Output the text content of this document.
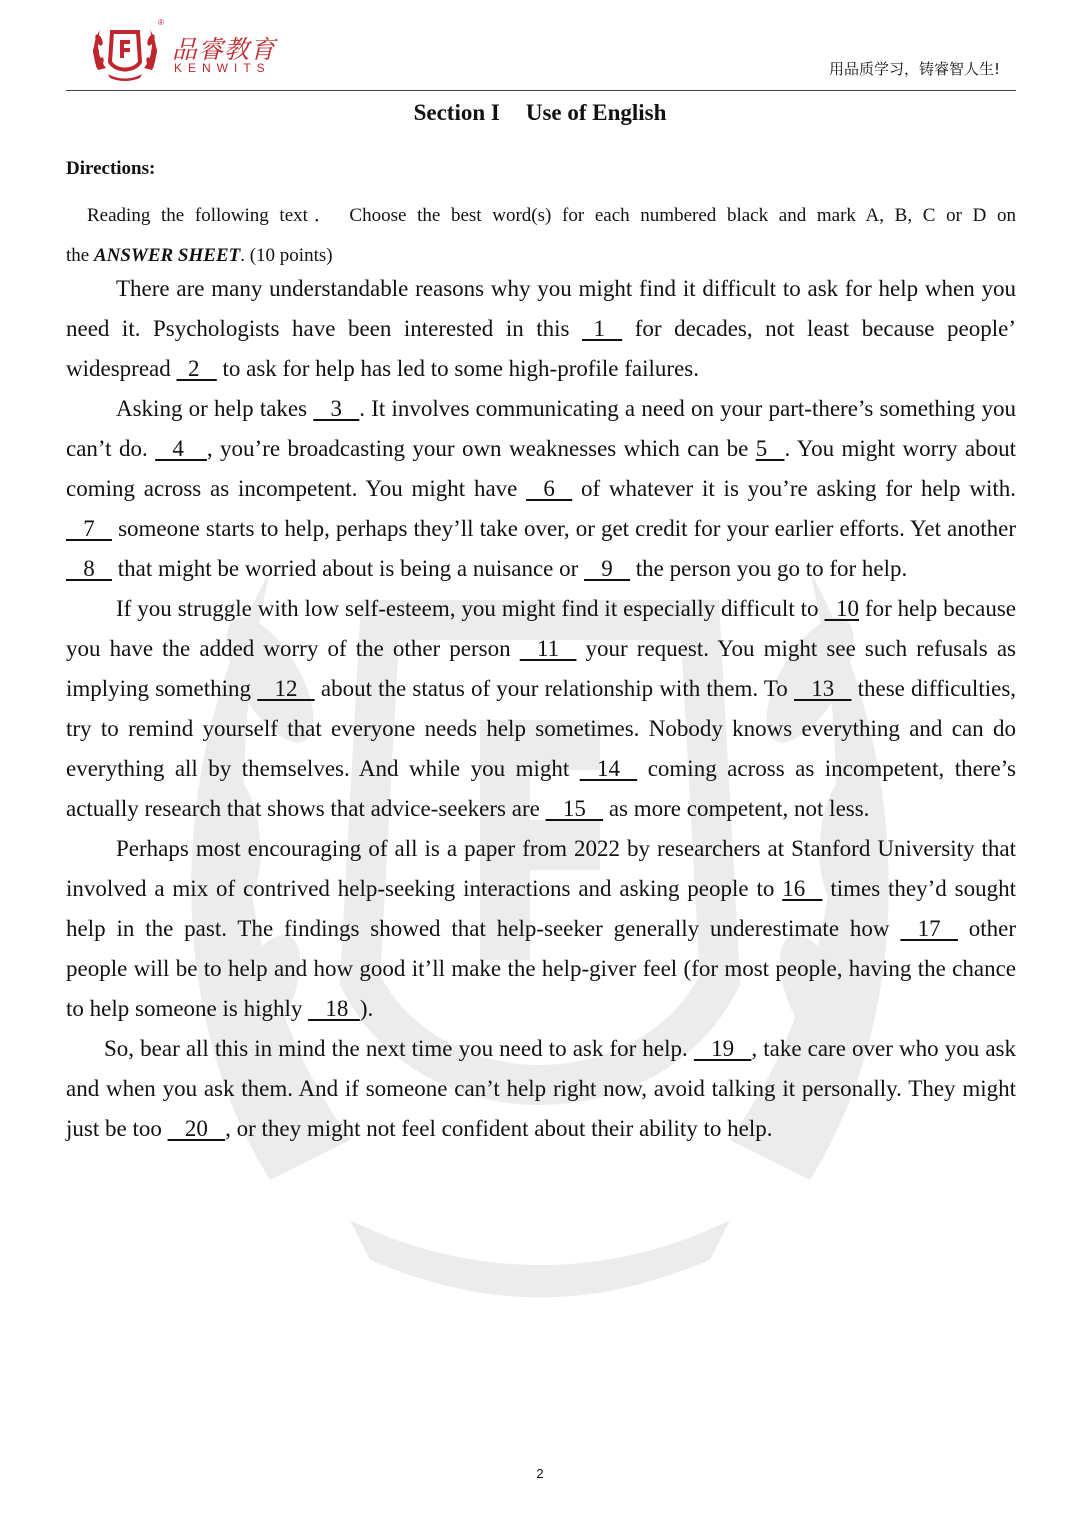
®
品睿教育
KENWITS	用品质学习，铸睿智人生!
Section I Use of English
Directions:
Reading the following text． Choose the best word(s) for each numbered black and mark A, B, C or D on
the ANSWER SHEET. (10 points)

There are many understandable reasons why you might find it difficult to ask for help when you need it. Psychologists have been interested in this   1    for decades, not least because people’ widespread   2    to ask for help has led to some high-profile failures.

Asking or help takes    3   . It involves communicating a need on your part-there’s something you can’t do.    4    , you’re broadcasting your own weaknesses which can be 5   . You might worry about coming across as incompetent. You might have    6    of whatever it is you’re asking for help with.    7    someone starts to help, perhaps they’ll take over, or get credit for your earlier efforts. Yet another    8    that might be worried about is being a nuisance or    9    the person you go to for help.

If you struggle with low self-esteem, you might find it especially difficult to   10 for help because you have the added worry of the other person    11    your request. You might see such refusals as implying something    12    about the status of your relationship with them. To    13    these difficulties, try to remind yourself that everyone needs help sometimes. Nobody knows everything and can do everything all by themselves. And while you might    14    coming across as incompetent, there’s actually research that shows that advice-seekers are    15    as more competent, not less.

Perhaps most encouraging of all is a paper from 2022 by researchers at Stanford University that involved a mix of contrived help-seeking interactions and asking people to 16    times they’d sought help in the past. The findings showed that help-seeker generally underestimate how    17    other people will be to help and how good it’ll make the help-giver feel (for most people, having the chance to help someone is highly    18  ).

So, bear all this in mind the next time you need to ask for help.    19   , take care over who you ask and when you ask them. And if someone can’t help right now, avoid talking it personally. They might just be too    20   , or they might not feel confident about their ability to help.

2
